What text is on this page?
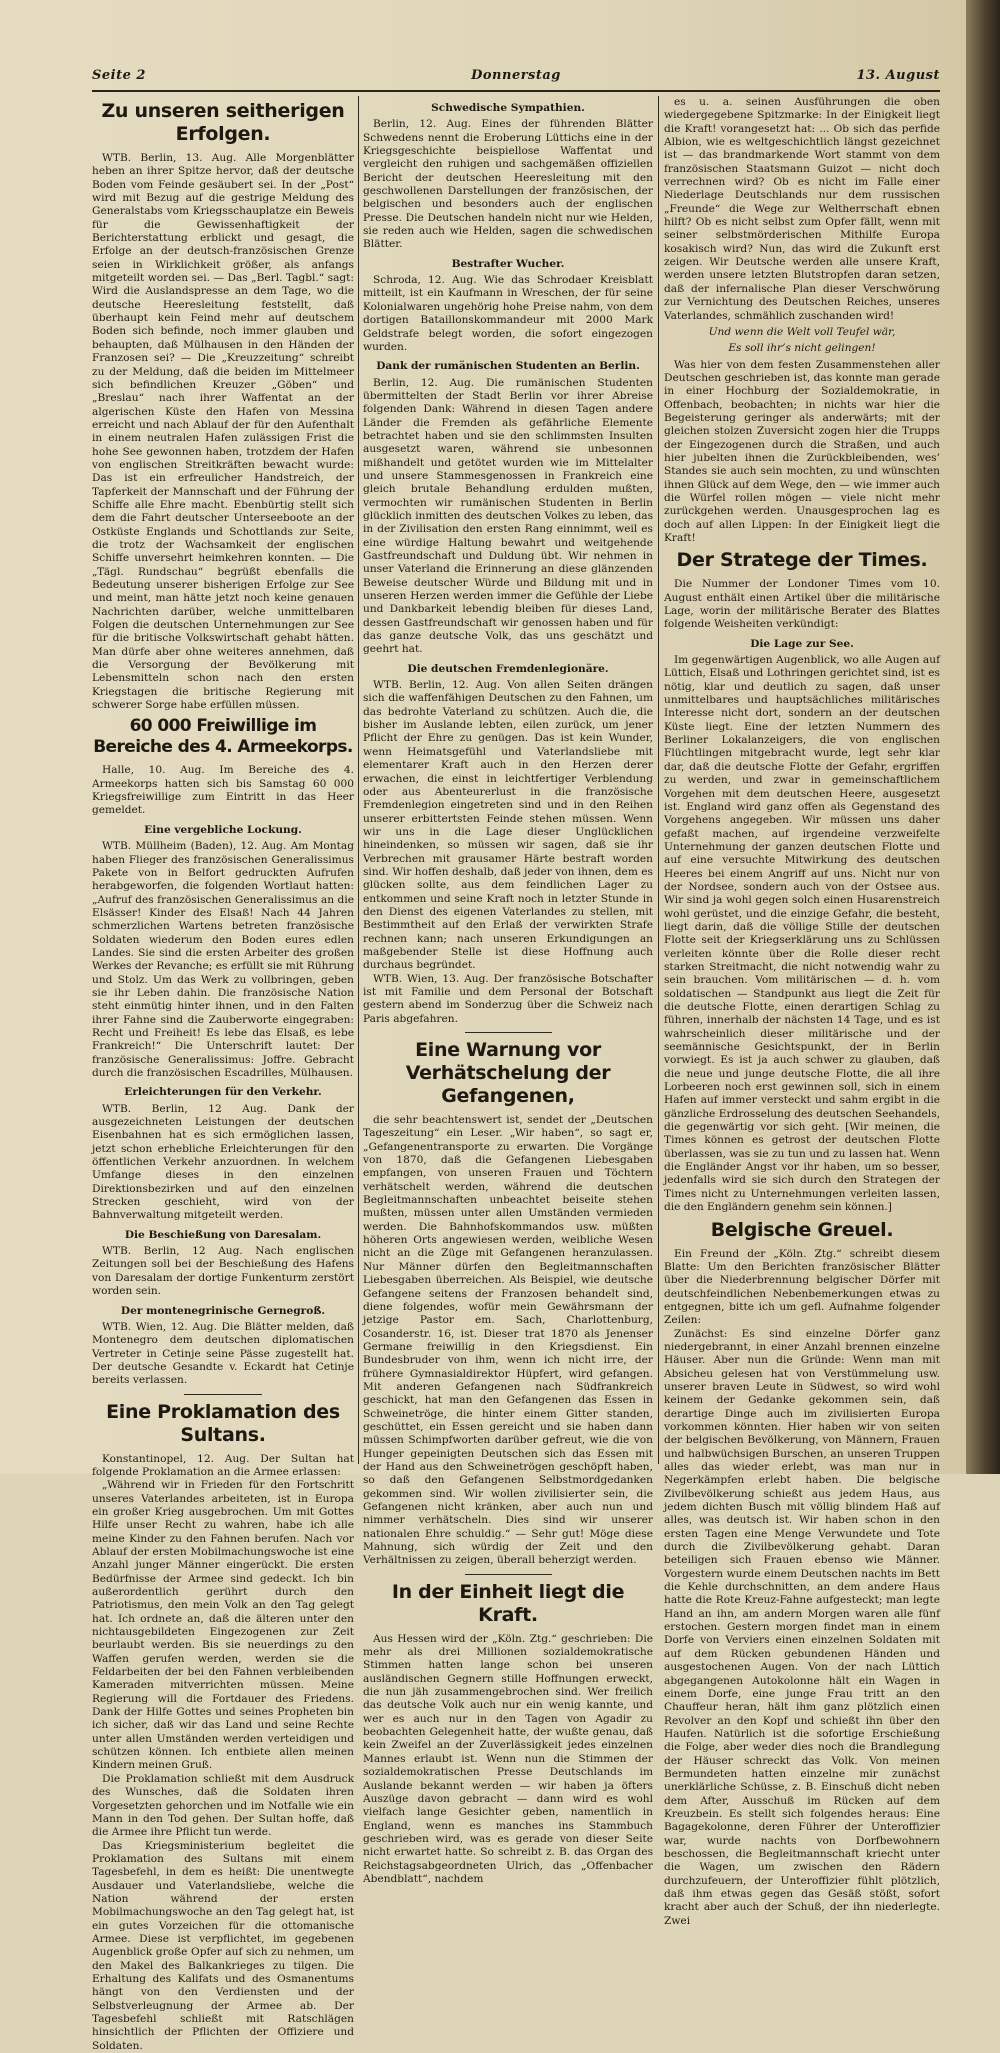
Seite 2	Donnerstag	13. August
Zu unseren seitherigen Erfolgen.

WTB. Berlin, 13. Aug. Alle Morgenblätter heben an ihrer Spitze hervor, daß der deutsche Boden vom Feinde gesäubert sei. In der „Post“ wird mit Bezug auf die gestrige Meldung des Generalstabs vom Kriegsschauplatze ein Beweis für die Gewissenhaftigkeit der Berichterstattung erblickt und gesagt, die Erfolge an der deutsch-französischen Grenze seien in Wirklichkeit größer, als anfangs mitgeteilt worden sei. — Das „Berl. Tagbl.“ sagt: Wird die Auslandspresse an dem Tage, wo die deutsche Heeresleitung feststellt, daß überhaupt kein Feind mehr auf deutschem Boden sich befinde, noch immer glauben und behaupten, daß Mülhausen in den Händen der Franzosen sei? — Die „Kreuzzeitung“ schreibt zu der Meldung, daß die beiden im Mittelmeer sich befindlichen Kreuzer „Göben“ und „Breslau“ nach ihrer Waffentat an der algerischen Küste den Hafen von Messina erreicht und nach Ablauf der für den Aufenthalt in einem neutralen Hafen zulässigen Frist die hohe See gewonnen haben, trotzdem der Hafen von englischen Streitkräften bewacht wurde: Das ist ein erfreulicher Handstreich, der Tapferkeit der Mannschaft und der Führung der Schiffe alle Ehre macht. Ebenbürtig stellt sich dem die Fahrt deutscher Unterseeboote an der Ostküste Englands und Schottlands zur Seite, die trotz der Wachsamkeit der englischen Schiffe unversehrt heimkehren konnten. — Die „Tägl. Rundschau“ begrüßt ebenfalls die Bedeutung unserer bisherigen Erfolge zur See und meint, man hätte jetzt noch keine genauen Nachrichten darüber, welche unmittelbaren Folgen die deutschen Unternehmungen zur See für die britische Volkswirtschaft gehabt hätten. Man dürfe aber ohne weiteres annehmen, daß die Versorgung der Bevölkerung mit Lebensmitteln schon nach den ersten Kriegstagen die britische Regierung mit schwerer Sorge habe erfüllen müssen.

60 000 Freiwillige im Bereiche des 4. Armeekorps.

Halle, 10. Aug. Im Bereiche des 4. Armeekorps hatten sich bis Samstag 60 000 Kriegsfreiwillige zum Eintritt in das Heer gemeldet.

Eine vergebliche Lockung.

WTB. Müllheim (Baden), 12. Aug. Am Montag haben Flieger des französischen Generalissimus Pakete von in Belfort gedruckten Aufrufen herabgeworfen, die folgenden Wortlaut hatten: „Aufruf des französischen Generalissimus an die Elsässer! Kinder des Elsaß! Nach 44 Jahren schmerzlichen Wartens betreten französische Soldaten wiederum den Boden eures edlen Landes. Sie sind die ersten Arbeiter des großen Werkes der Revanche; es erfüllt sie mit Rührung und Stolz. Um das Werk zu vollbringen, geben sie ihr Leben dahin. Die französische Nation steht einmütig hinter ihnen, und in den Falten ihrer Fahne sind die Zauberworte eingegraben: Recht und Freiheit! Es lebe das Elsaß, es lebe Frankreich!“ Die Unterschrift lautet: Der französische Generalissimus: Joffre. Gebracht durch die französischen Escadrilles, Mülhausen.

Erleichterungen für den Verkehr.

WTB. Berlin, 12 Aug. Dank der ausgezeichneten Leistungen der deutschen Eisenbahnen hat es sich ermöglichen lassen, jetzt schon erhebliche Erleichterungen für den öffentlichen Verkehr anzuordnen. In welchem Umfange dieses in den einzelnen Direktionsbezirken und auf den einzelnen Strecken geschieht, wird von der Bahnverwaltung mitgeteilt werden.

Die Beschießung von Daresalam.

WTB. Berlin, 12 Aug. Nach englischen Zeitungen soll bei der Beschießung des Hafens von Daresalam der dortige Funkenturm zerstört worden sein.

Der montenegrinische Gernegroß.

WTB. Wien, 12. Aug. Die Blätter melden, daß Montenegro dem deutschen diplomatischen Vertreter in Cetinje seine Pässe zugestellt hat. Der deutsche Gesandte v. Eckardt hat Cetinje bereits verlassen.

Eine Proklamation des Sultans.

Konstantinopel, 12. Aug. Der Sultan hat folgende Proklamation an die Armee erlassen:

„Während wir in Frieden für den Fortschritt unseres Vaterlandes arbeiteten, ist in Europa ein großer Krieg ausgebrochen. Um mit Gottes Hilfe unser Recht zu wahren, habe ich alle meine Kinder zu den Fahnen berufen. Nach vor Ablauf der ersten Mobilmachungswoche ist eine Anzahl junger Männer eingerückt. Die ersten Bedürfnisse der Armee sind gedeckt. Ich bin außerordentlich gerührt durch den Patriotismus, den mein Volk an den Tag gelegt hat. Ich ordnete an, daß die älteren unter den nichtausgebildeten Eingezogenen zur Zeit beurlaubt werden. Bis sie neuerdings zu den Waffen gerufen werden, werden sie die Feldarbeiten der bei den Fahnen verbleibenden Kameraden mitverrichten müssen. Meine Regierung will die Fortdauer des Friedens. Dank der Hilfe Gottes und seines Propheten bin ich sicher, daß wir das Land und seine Rechte unter allen Umständen werden verteidigen und schützen können. Ich entbiete allen meinen Kindern meinen Gruß.

Die Proklamation schließt mit dem Ausdruck des Wunsches, daß die Soldaten ihren Vorgesetzten gehorchen und im Notfalle wie ein Mann in den Tod gehen. Der Sultan hoffe, daß die Armee ihre Pflicht tun werde.

Das Kriegsministerium begleitet die Proklamation des Sultans mit einem Tagesbefehl, in dem es heißt: Die unentwegte Ausdauer und Vaterlandsliebe, welche die Nation während der ersten Mobilmachungswoche an den Tag gelegt hat, ist ein gutes Vorzeichen für die ottomanische Armee. Diese ist verpflichtet, im gegebenen Augenblick große Opfer auf sich zu nehmen, um den Makel des Balkankrieges zu tilgen. Die Erhaltung des Kalifats und des Osmanentums hängt von den Verdiensten und der Selbstverleugnung der Armee ab. Der Tagesbefehl schließt mit Ratschlägen hinsichtlich der Pflichten der Offiziere und Soldaten.

Schwedische Sympathien.

Berlin, 12. Aug. Eines der führenden Blätter Schwedens nennt die Eroberung Lüttichs eine in der Kriegsgeschichte beispiellose Waffentat und vergleicht den ruhigen und sachgemäßen offiziellen Bericht der deutschen Heeresleitung mit den geschwollenen Darstellungen der französischen, der belgischen und besonders auch der englischen Presse. Die Deutschen handeln nicht nur wie Helden, sie reden auch wie Helden, sagen die schwedischen Blätter.

Bestrafter Wucher.

Schroda, 12. Aug. Wie das Schrodaer Kreisblatt mitteilt, ist ein Kaufmann in Wreschen, der für seine Kolonialwaren ungehörig hohe Preise nahm, von dem dortigen Bataillonskommandeur mit 2000 Mark Geldstrafe belegt worden, die sofort eingezogen wurden.

Dank der rumänischen Studenten an Berlin.

Berlin, 12. Aug. Die rumänischen Studenten übermittelten der Stadt Berlin vor ihrer Abreise folgenden Dank: Während in diesen Tagen andere Länder die Fremden als gefährliche Elemente betrachtet haben und sie den schlimmsten Insulten ausgesetzt waren, während sie unbesonnen mißhandelt und getötet wurden wie im Mittelalter und unsere Stammesgenossen in Frankreich eine gleich brutale Behandlung erdulden mußten, vermochten wir rumänischen Studenten in Berlin glücklich inmitten des deutschen Volkes zu leben, das in der Zivilisation den ersten Rang einnimmt, weil es eine würdige Haltung bewahrt und weitgehende Gastfreundschaft und Duldung übt. Wir nehmen in unser Vaterland die Erinnerung an diese glänzenden Beweise deutscher Würde und Bildung mit und in unseren Herzen werden immer die Gefühle der Liebe und Dankbarkeit lebendig bleiben für dieses Land, dessen Gastfreundschaft wir genossen haben und für das ganze deutsche Volk, das uns geschätzt und geehrt hat.

Die deutschen Fremdenlegionäre.

WTB. Berlin, 12. Aug. Von allen Seiten drängen sich die waffenfähigen Deutschen zu den Fahnen, um das bedrohte Vaterland zu schützen. Auch die, die bisher im Auslande lebten, eilen zurück, um jener Pflicht der Ehre zu genügen. Das ist kein Wunder, wenn Heimatsgefühl und Vaterlandsliebe mit elementarer Kraft auch in den Herzen derer erwachen, die einst in leichtfertiger Verblendung oder aus Abenteurerlust in die französische Fremdenlegion eingetreten sind und in den Reihen unserer erbittertsten Feinde stehen müssen. Wenn wir uns in die Lage dieser Unglücklichen hineindenken, so müssen wir sagen, daß sie ihr Verbrechen mit grausamer Härte bestraft worden sind. Wir hoffen deshalb, daß jeder von ihnen, dem es glücken sollte, aus dem feindlichen Lager zu entkommen und seine Kraft noch in letzter Stunde in den Dienst des eigenen Vaterlandes zu stellen, mit Bestimmtheit auf den Erlaß der verwirkten Strafe rechnen kann; nach unseren Erkundigungen an maßgebender Stelle ist diese Hoffnung auch durchaus begründet.

WTB. Wien, 13. Aug. Der französische Botschafter ist mit Familie und dem Personal der Botschaft gestern abend im Sonderzug über die Schweiz nach Paris abgefahren.

Eine Warnung vor Verhätschelung der Gefangenen,

die sehr beachtenswert ist, sendet der „Deutschen Tageszeitung“ ein Leser. „Wir haben“, so sagt er, „Gefangenentransporte zu erwarten. Die Vorgänge von 1870, daß die Gefangenen Liebesgaben empfangen, von unseren Frauen und Töchtern verhätschelt werden, während die deutschen Begleitmannschaften unbeachtet beiseite stehen mußten, müssen unter allen Umständen vermieden werden. Die Bahnhofskommandos usw. müßten höheren Orts angewiesen werden, weibliche Wesen nicht an die Züge mit Gefangenen heranzulassen. Nur Männer dürfen den Begleitmannschaften Liebesgaben überreichen. Als Beispiel, wie deutsche Gefangene seitens der Franzosen behandelt sind, diene folgendes, wofür mein Gewährsmann der jetzige Pastor em. Sach, Charlottenburg, Cosanderstr. 16, ist. Dieser trat 1870 als Jenenser Germane freiwillig in den Kriegsdienst. Ein Bundesbruder von ihm, wenn ich nicht irre, der frühere Gymnasialdirektor Hüpfert, wird gefangen. Mit anderen Gefangenen nach Südfrankreich geschickt, hat man den Gefangenen das Essen in Schweinetröge, die hinter einem Gitter standen, geschüttet, ein Essen gereicht und sie haben dann müssen Schimpfworten darüber gefreut, wie die von Hunger gepeinigten Deutschen sich das Essen mit der Hand aus den Schweinetrögen geschöpft haben, so daß den Gefangenen Selbstmordgedanken gekommen sind. Wir wollen zivilisierter sein, die Gefangenen nicht kränken, aber auch nun und nimmer verhätscheln. Dies sind wir unserer nationalen Ehre schuldig.“ — Sehr gut! Möge diese Mahnung, sich würdig der Zeit und den Verhältnissen zu zeigen, überall beherzigt werden.

In der Einheit liegt die Kraft.

Aus Hessen wird der „Köln. Ztg.“ geschrieben: Die mehr als drei Millionen sozialdemokratische Stimmen hatten lange schon bei unseren ausländischen Gegnern stille Hoffnungen erweckt, die nun jäh zusammengebrochen sind. Wer freilich das deutsche Volk auch nur ein wenig kannte, und wer es auch nur in den Tagen von Agadir zu beobachten Gelegenheit hatte, der wußte genau, daß kein Zweifel an der Zuverlässigkeit jedes einzelnen Mannes erlaubt ist. Wenn nun die Stimmen der sozialdemokratischen Presse Deutschlands im Auslande bekannt werden — wir haben ja öfters Auszüge davon gebracht — dann wird es wohl vielfach lange Gesichter geben, namentlich in England, wenn es manches ins Stammbuch geschrieben wird, was es gerade von dieser Seite nicht erwartet hatte. So schreibt z. B. das Organ des Reichstagsabgeordneten Ulrich, das „Offenbacher Abendblatt“, nachdem

es u. a. seinen Ausführungen die oben wiedergegebene Spitzmarke: In der Einigkeit liegt die Kraft! vorangesetzt hat: ... Ob sich das perfide Albion, wie es weltgeschichtlich längst gezeichnet ist — das brandmarkende Wort stammt von dem französischen Staatsmann Guizot — nicht doch verrechnen wird? Ob es nicht im Falle einer Niederlage Deutschlands nur dem russischen „Freunde“ die Wege zur Weltherrschaft ebnen hilft? Ob es nicht selbst zum Opfer fällt, wenn mit seiner selbstmörderischen Mithilfe Europa kosakisch wird? Nun, das wird die Zukunft erst zeigen. Wir Deutsche werden alle unsere Kraft, werden unsere letzten Blutstropfen daran setzen, daß der infernalische Plan dieser Verschwörung zur Vernichtung des Deutschen Reiches, unseres Vaterlandes, schmählich zuschanden wird!

Und wenn die Welt voll Teufel wär,

Es soll ihr’s nicht gelingen!

Was hier von dem festen Zusammenstehen aller Deutschen geschrieben ist, das konnte man gerade in einer Hochburg der Sozialdemokratie, in Offenbach, beobachten; in nichts war hier die Begeisterung geringer als anderwärts; mit der gleichen stolzen Zuversicht zogen hier die Trupps der Eingezogenen durch die Straßen, und auch hier jubelten ihnen die Zurückbleibenden, wes’ Standes sie auch sein mochten, zu und wünschten ihnen Glück auf dem Wege, den — wie immer auch die Würfel rollen mögen — viele nicht mehr zurückgehen werden. Unausgesprochen lag es doch auf allen Lippen: In der Einigkeit liegt die Kraft!

Der Stratege der Times.

Die Nummer der Londoner Times vom 10. August enthält einen Artikel über die militärische Lage, worin der militärische Berater des Blattes folgende Weisheiten verkündigt:

Die Lage zur See.

Im gegenwärtigen Augenblick, wo alle Augen auf Lüttich, Elsaß und Lothringen gerichtet sind, ist es nötig, klar und deutlich zu sagen, daß unser unmittelbares und hauptsächliches militärisches Interesse nicht dort, sondern an der deutschen Küste liegt. Eine der letzten Nummern des Berliner Lokalanzeigers, die von englischen Flüchtlingen mitgebracht wurde, legt sehr klar dar, daß die deutsche Flotte der Gefahr, ergriffen zu werden, und zwar in gemeinschaftlichem Vorgehen mit dem deutschen Heere, ausgesetzt ist. England wird ganz offen als Gegenstand des Vorgehens angegeben. Wir müssen uns daher gefaßt machen, auf irgendeine verzweifelte Unternehmung der ganzen deutschen Flotte und auf eine versuchte Mitwirkung des deutschen Heeres bei einem Angriff auf uns. Nicht nur von der Nordsee, sondern auch von der Ostsee aus. Wir sind ja wohl gegen solch einen Husarenstreich wohl gerüstet, und die einzige Gefahr, die besteht, liegt darin, daß die völlige Stille der deutschen Flotte seit der Kriegserklärung uns zu Schlüssen verleiten könnte über die Rolle dieser recht starken Streitmacht, die nicht notwendig wahr zu sein brauchen. Vom militärischen — d. h. vom soldatischen — Standpunkt aus liegt die Zeit für die deutsche Flotte, einen derartigen Schlag zu führen, innerhalb der nächsten 14 Tage, und es ist wahrscheinlich dieser militärische und der seemännische Gesichtspunkt, der in Berlin vorwiegt. Es ist ja auch schwer zu glauben, daß die neue und junge deutsche Flotte, die all ihre Lorbeeren noch erst gewinnen soll, sich in einem Hafen auf immer versteckt und sahm ergibt in die gänzliche Erdrosselung des deutschen Seehandels, die gegenwärtig vor sich geht. [Wir meinen, die Times können es getrost der deutschen Flotte überlassen, was sie zu tun und zu lassen hat. Wenn die Engländer Angst vor ihr haben, um so besser, jedenfalls wird sie sich durch den Strategen der Times nicht zu Unternehmungen verleiten lassen, die den Engländern genehm sein können.]

Belgische Greuel.

Ein Freund der „Köln. Ztg.“ schreibt diesem Blatte: Um den Berichten französischer Blätter über die Niederbrennung belgischer Dörfer mit deutschfeindlichen Nebenbemerkungen etwas zu entgegnen, bitte ich um gefl. Aufnahme folgender Zeilen:

Zunächst: Es sind einzelne Dörfer ganz niedergebrannt, in einer Anzahl brennen einzelne Häuser. Aber nun die Gründe: Wenn man mit Absicheu gelesen hat von Verstümmelung usw. unserer braven Leute in Südwest, so wird wohl keinem der Gedanke gekommen sein, daß derartige Dinge auch im zivilisierten Europa vorkommen könnten. Hier haben wir von seiten der belgischen Bevölkerung, von Männern, Frauen und halbwüchsigen Burschen, an unseren Truppen alles das wieder erlebt, was man nur in Negerkämpfen erlebt haben. Die belgische Zivilbevölkerung schießt aus jedem Haus, aus jedem dichten Busch mit völlig blindem Haß auf alles, was deutsch ist. Wir haben schon in den ersten Tagen eine Menge Verwundete und Tote durch die Zivilbevölkerung gehabt. Daran beteiligen sich Frauen ebenso wie Männer. Vorgestern wurde einem Deutschen nachts im Bett die Kehle durchschnitten, an dem andere Haus hatte die Rote Kreuz-Fahne aufgesteckt; man legte Hand an ihn, am andern Morgen waren alle fünf erstochen. Gestern morgen findet man in einem Dorfe von Verviers einen einzelnen Soldaten mit auf dem Rücken gebundenen Händen und ausgestochenen Augen. Von der nach Lüttich abgegangenen Autokolonne hält ein Wagen in einem Dorfe, eine junge Frau tritt an den Chauffeur heran, hält ihm ganz plötzlich einen Revolver an den Kopf und schießt ihn über den Haufen. Natürlich ist die sofortige Erschießung die Folge, aber weder dies noch die Brandlegung der Häuser schreckt das Volk. Von meinen Bermundeten hatten einzelne mir zunächst unerklärliche Schüsse, z. B. Einschuß dicht neben dem After, Ausschuß im Rücken auf dem Kreuzbein. Es stellt sich folgendes heraus: Eine Bagagekolonne, deren Führer der Unteroffizier war, wurde nachts von Dorfbewohnern beschossen, die Begleitmannschaft kriecht unter die Wagen, um zwischen den Rädern durchzufeuern, der Unteroffizier fühlt plötzlich, daß ihm etwas gegen das Gesäß stößt, sofort kracht aber auch der Schuß, der ihn niederlegte. Zwei
